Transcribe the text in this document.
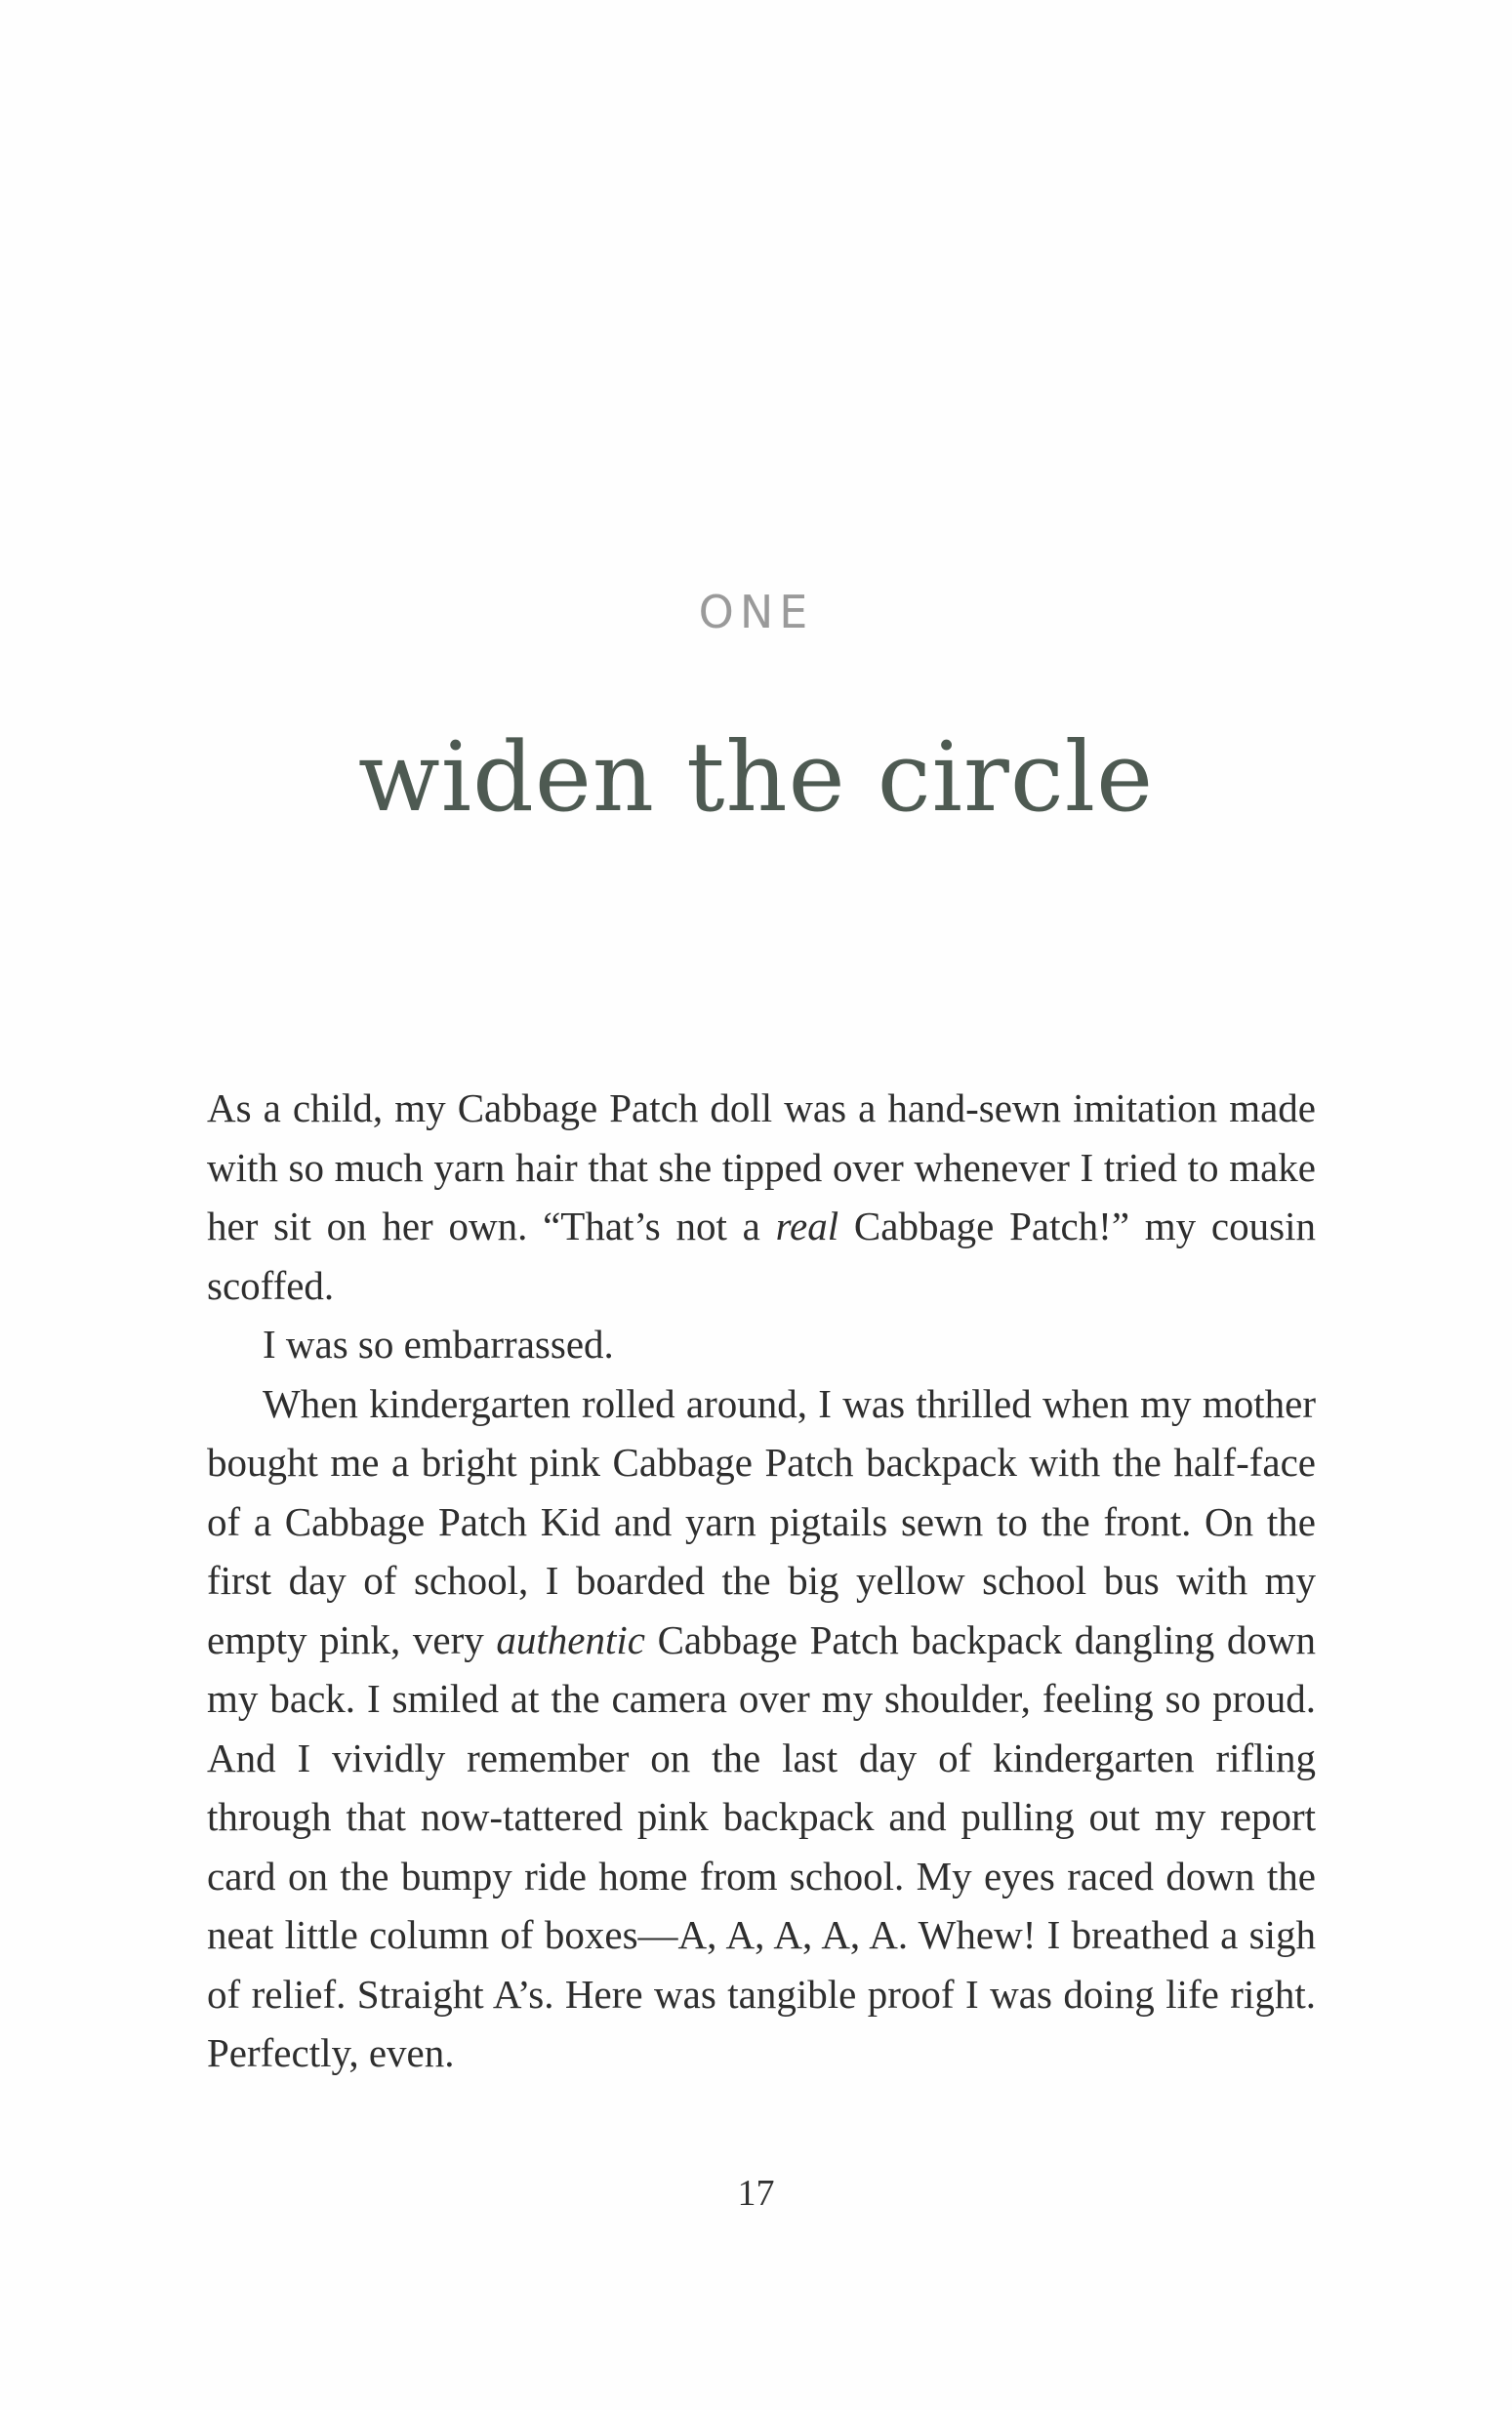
ONE
widen the circle

As a child, my Cabbage Patch doll was a hand-sewn imitation made with so much yarn hair that she tipped over whenever I tried to make her sit on her own. “That’s not a real Cabbage Patch!” my cousin scoffed.

I was so embarrassed.

When kindergarten rolled around, I was thrilled when my mother bought me a bright pink Cabbage Patch backpack with the half-face of a Cabbage Patch Kid and yarn pigtails sewn to the front. On the first day of school, I boarded the big yellow school bus with my empty pink, very authentic Cabbage Patch backpack dangling down my back. I smiled at the camera over my shoulder, feeling so proud. And I vividly remember on the last day of kindergarten rifling through that now-tattered pink backpack and pulling out my report card on the bumpy ride home from school. My eyes raced down the neat little column of boxes—A, A, A, A, A. Whew! I breathed a sigh of relief. Straight A’s. Here was tangible proof I was doing life right. Perfectly, even.

17
